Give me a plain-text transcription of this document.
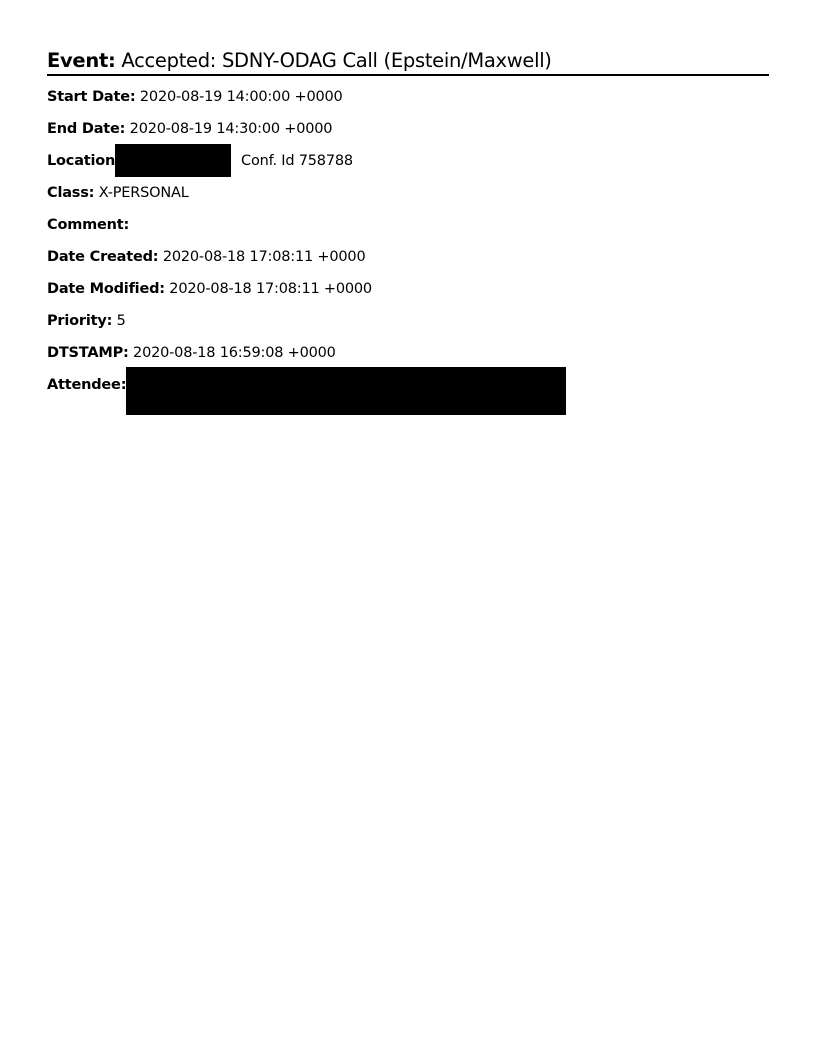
Event: Accepted: SDNY-ODAG Call (Epstein/Maxwell)
Start Date: 2020-08-19 14:00:00 +0000
End Date: 2020-08-19 14:30:00 +0000
Location	Conf. Id 758788
Class: X-PERSONAL
Comment:
Date Created: 2020-08-18 17:08:11 +0000
Date Modified: 2020-08-18 17:08:11 +0000
Priority: 5
DTSTAMP: 2020-08-18 16:59:08 +0000
Attendee:
